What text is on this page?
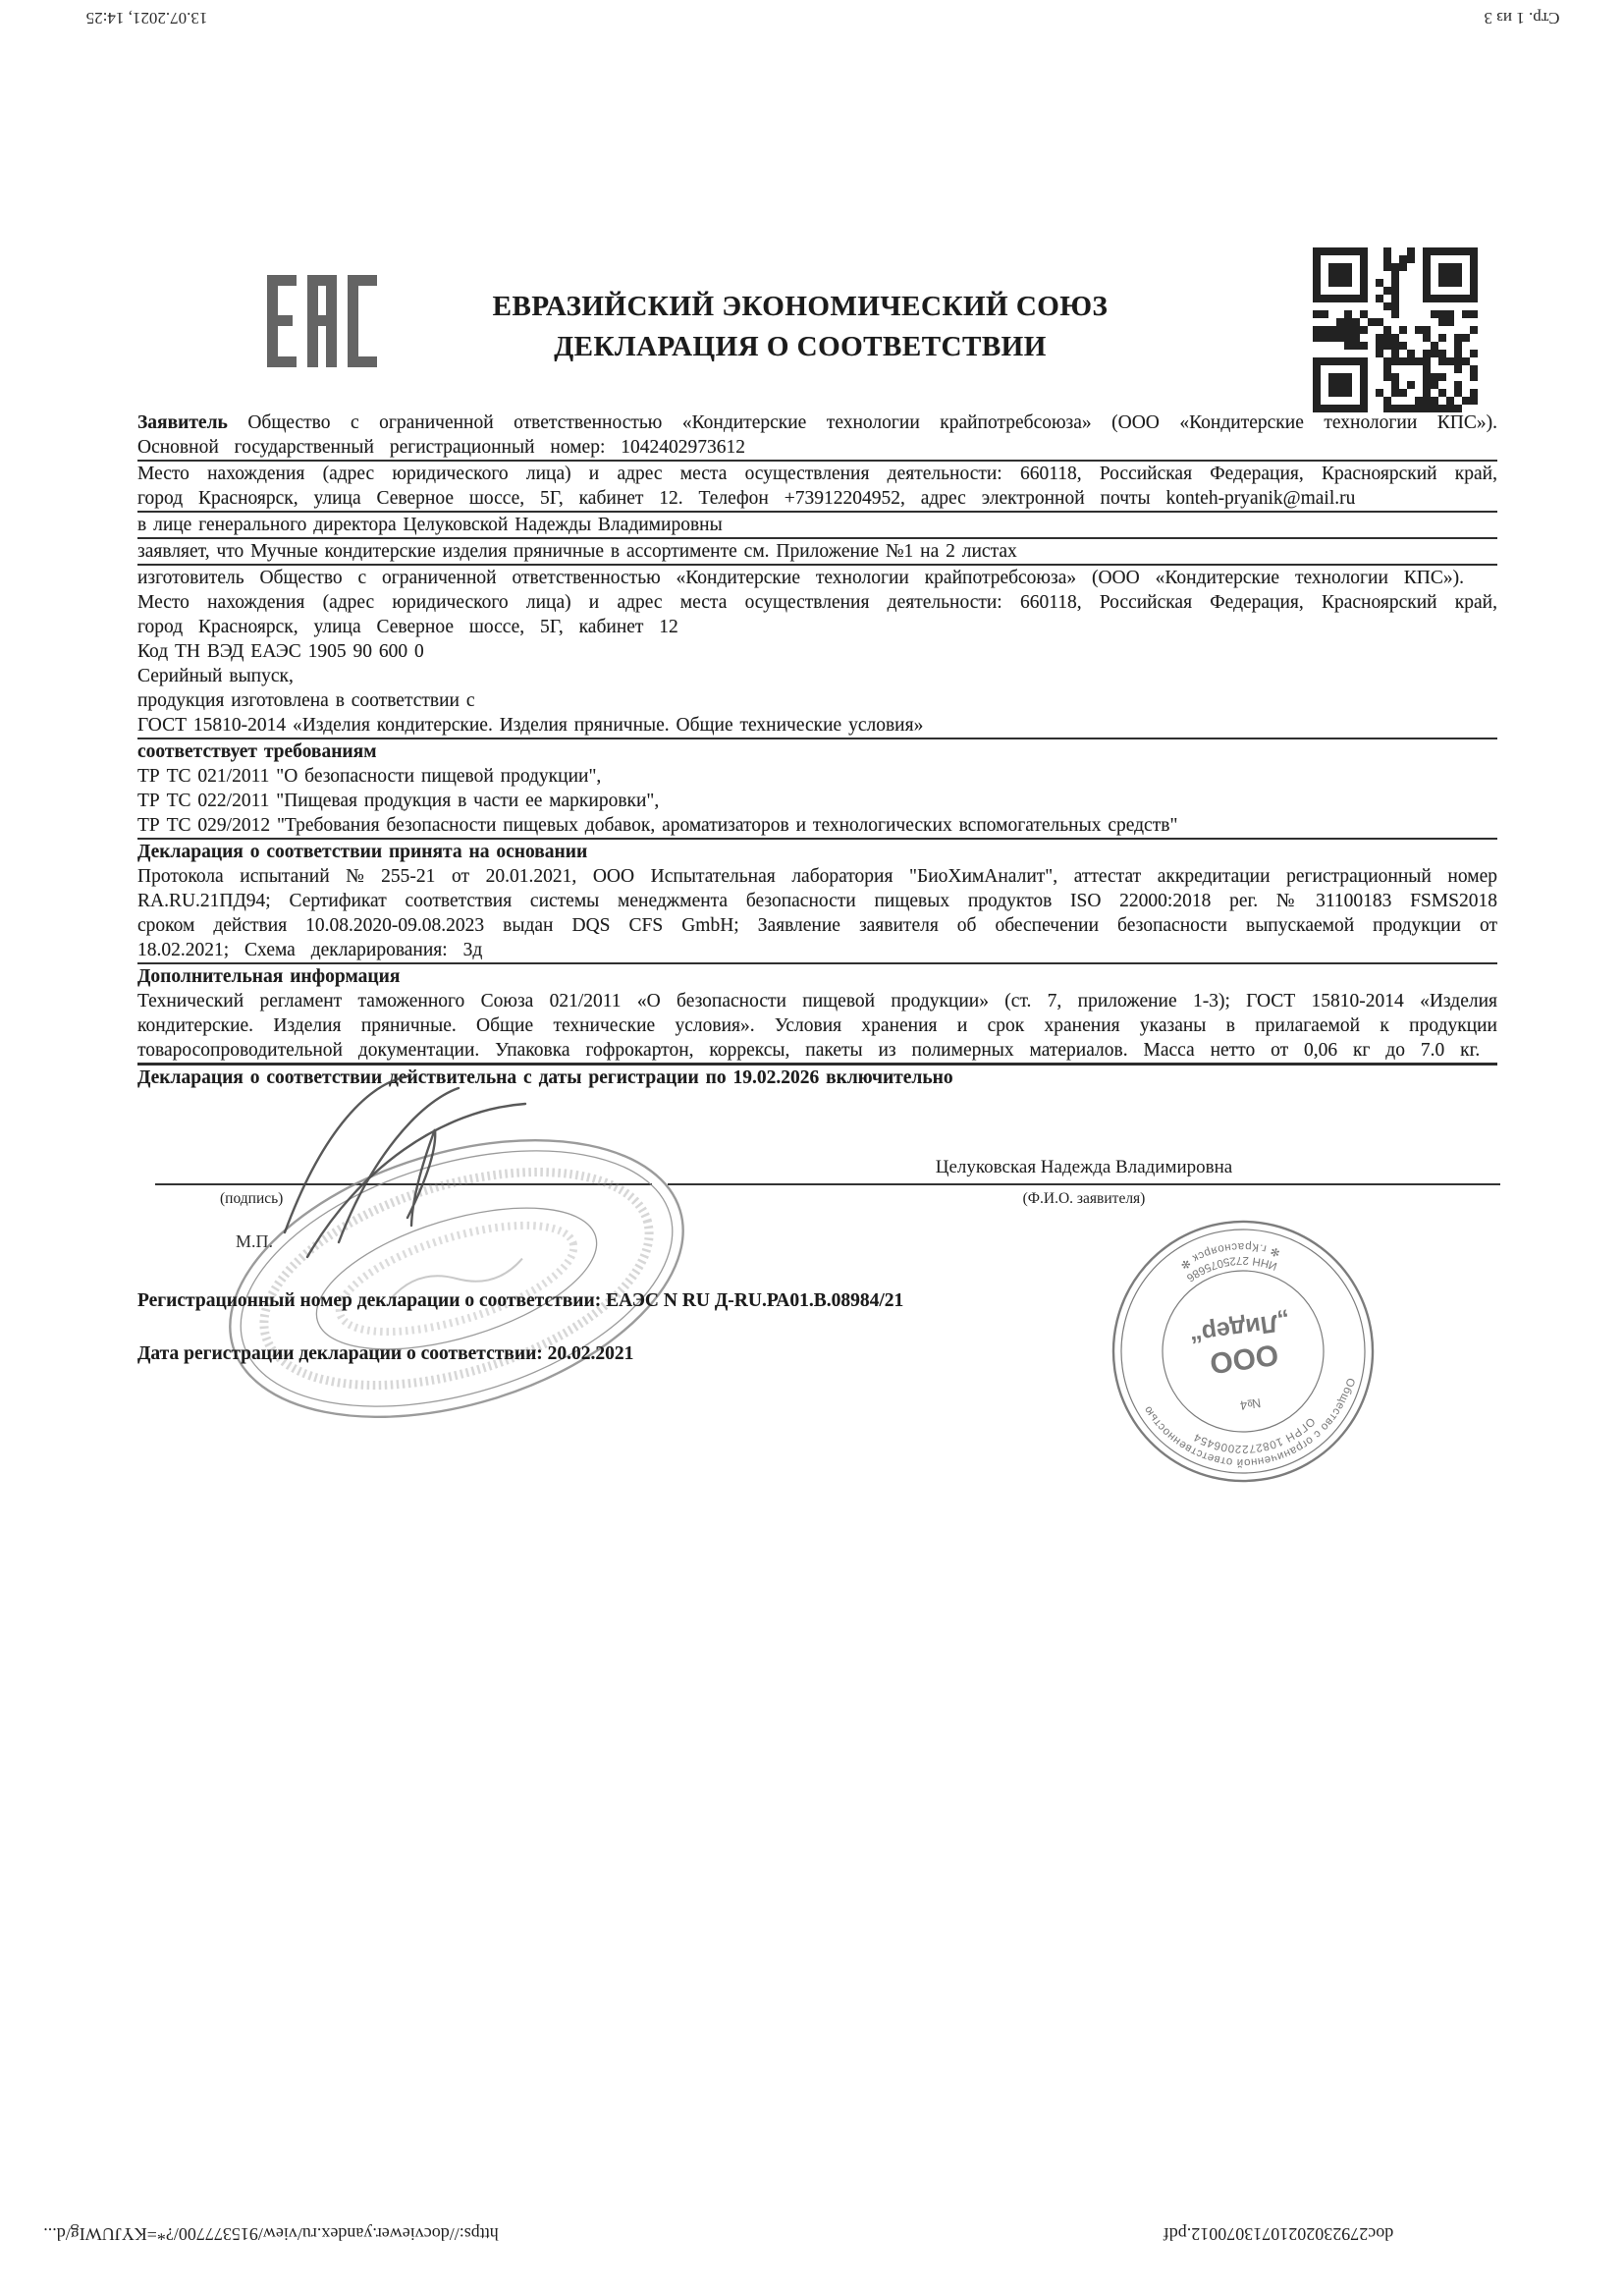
13.07.2021, 14:25	Стр. 1 из 3
ЕВРАЗИЙСКИЙ ЭКОНОМИЧЕСКИЙ СОЮЗ
ДЕКЛАРАЦИЯ О СООТВЕТСТВИИ
Заявитель Общество с ограниченной ответственностью «Кондитерские технологии крайпотребсоюза» (ООО «Кондитерские технологии КПС»). Основной государственный регистрационный номер: 1042402973612
Место нахождения (адрес юридического лица) и адрес места осуществления деятельности: 660118, Российская Федерация, Красноярский край, город Красноярск, улица Северное шоссе, 5Г, кабинет 12. Телефон +73912204952, адрес электронной почты konteh-pryanik@mail.ru
в лице генерального директора Целуковской Надежды Владимировны
заявляет, что Мучные кондитерские изделия пряничные в ассортименте см. Приложение №1 на 2 листах
изготовитель Общество с ограниченной ответственностью «Кондитерские технологии крайпотребсоюза» (ООО «Кондитерские технологии КПС»).
Место нахождения (адрес юридического лица) и адрес места осуществления деятельности: 660118, Российская Федерация, Красноярский край, город Красноярск, улица Северное шоссе, 5Г, кабинет 12
Код ТН ВЭД ЕАЭС 1905 90 600 0
Серийный выпуск,
продукция изготовлена в соответствии с
ГОСТ 15810-2014 «Изделия кондитерские. Изделия пряничные. Общие технические условия»
соответствует требованиям
ТР ТС 021/2011 "О безопасности пищевой продукции",
ТР ТС 022/2011 "Пищевая продукция в части ее маркировки",
ТР ТС 029/2012 "Требования безопасности пищевых добавок, ароматизаторов и технологических вспомогательных средств"
Декларация о соответствии принята на основании
Протокола испытаний № 255-21 от 20.01.2021, ООО Испытательная лаборатория "БиоХимАналит", аттестат аккредитации регистрационный номер RA.RU.21ПД94; Сертификат соответствия системы менеджмента безопасности пищевых продуктов ISO 22000:2018 рег. № 31100183 FSMS2018 сроком действия 10.08.2020-09.08.2023 выдан DQS CFS GmbH; Заявление заявителя об обеспечении безопасности выпускаемой продукции от 18.02.2021; Схема декларирования: 3д
Дополнительная информация
Технический регламент таможенного Союза 021/2011 «О безопасности пищевой продукции» (ст. 7, приложение 1-3); ГОСТ 15810-2014 «Изделия кондитерские. Изделия пряничные. Общие технические условия». Условия хранения и срок хранения указаны в прилагаемой к продукции товаросопроводительной документации. Упаковка гофрокартон, коррексы, пакеты из полимерных материалов. Масса нетто от 0,06 кг до 7.0 кг.
Декларация о соответствии действительна с даты регистрации по 19.02.2026 включительно
Целуковская Надежда Владимировна
(подпись)	(Ф.И.О. заявителя)
М.П.
Общество с ограниченной ответственностью
✻ г.Красноярск ✻
ОГРН 1082722006454
ИНН 2725075686
№4
ООО
„Лидер“
Регистрационный номер декларации о соответствии: ЕАЭС N RU Д-RU.РА01.В.08984/21
Дата регистрации декларации о соответствии: 20.02.2021
https://docviewer.yandex.ru/view/915377700/?*=KYJUWIg/d...	doc27923020210713070012.pdf
